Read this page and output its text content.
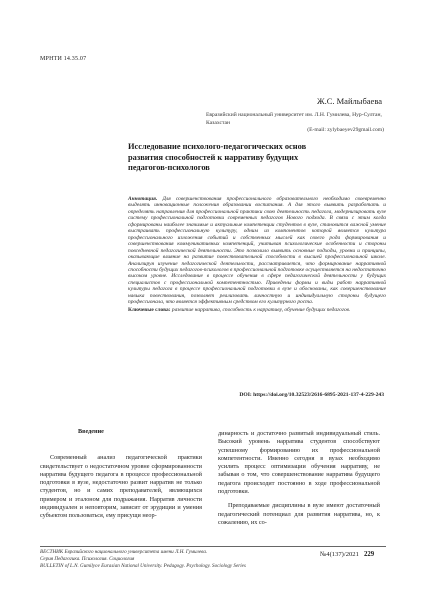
МРНТИ 14.35.07
Ж.С. Майлыбаева
Евразийский национальный университет им. Л.Н. Гумилева, Нур-Султан, Казахстан
(E-mail: zylybaeyev29gmail.com)
Исследование психолого-педагогических основ
развития способностей к нарративу будущих
педагогов-психологов
Аннотация. Для совершенствования профессионального образовательного необходимо своевременно выделять инновационные положения образовании воспитания. А для этого выявить разработать и определять направления для профессиональной практики свою деятельность педагога, модернизировать вузе систему профессиональной подготовки современных педагогов Нового подхода. В связи с этим когда сформированы наиболее значимые и актуальные компетенции студентов в вузе, становится важной умение выстраивать профессиональную культуру, одним из компонентов которой является культура профессионального изложения событий и собственных мыслей как своего рода формирования и совершенствования коммуникативных компетенций, учитывая психологические особенности и стороны повседневной педагогической деятельности. Это позволило выявить основные подходы, уровни и принципы, оказывающие влияние на развитие повествовательной способности в высшей профессиональной школе. Анализируя изучение педагогической деятельности, рассматривается, что формирование нарративной способности будущих педагогов-психологов в профессиональной подготовке осуществляется на недостаточно высоком уровне. Исследование в процессе обучения в сфере педагогической деятельности у будущих специалистов с профессиональной компетентностью. Приведены формы и виды работ нарративной культуры педагога в процессе профессиональной подготовки в вузе и обоснованы, как совершенствование навыка повествования, позволяет реализовать личностную и индивидуальную стороны будущего профессионала, что является эффективным средством его культурного роста.
Ключевые слова: развитие нарратива, способность к нарративу, обучение будущих педагогов.
DOI: https://doi.org/10.32523/2616-6895-2021-137-4-229-243
Введение

Современный анализ педагогической практики свидетельствует о недостаточном уровне сформированности нарратива будущего педагога в процессе профессиональной подготовки в вузе, недостаточно развит нарратив не только студентов, но и самих преподавателей, являющихся примером и эталоном для подражания. Нарратив личности индивидуален и неповторим, зависит от эрудиции и умения субъектом пользоваться, ему присущи неор-

динарность и достаточно развитый индивидуальный стиль. Высокий уровень нарратива студентов способствуют успешному формированию их профессиональной компетентности. Именно сегодня в вузах необходимо усилить процесс оптимизации обучения нарративу, не забывая о том, что совершенствование нарратива будущего педагога происходит постоянно в ходе профессиональной подготовки.

Преподаваемые дисциплины в вузе имеют достаточный педагогический потенциал для развития нарратива, но, к сожалению, их со-

ВЕСТНИК Евразийского национального университета имени Л.Н. Гумилева.
Серия Педагогика. Психология. Социология
BULLETIN of L.N. Gumilyov Eurasian National University. Pedagogy. Psychology. Sociology Series
№4(137)/2021 229
